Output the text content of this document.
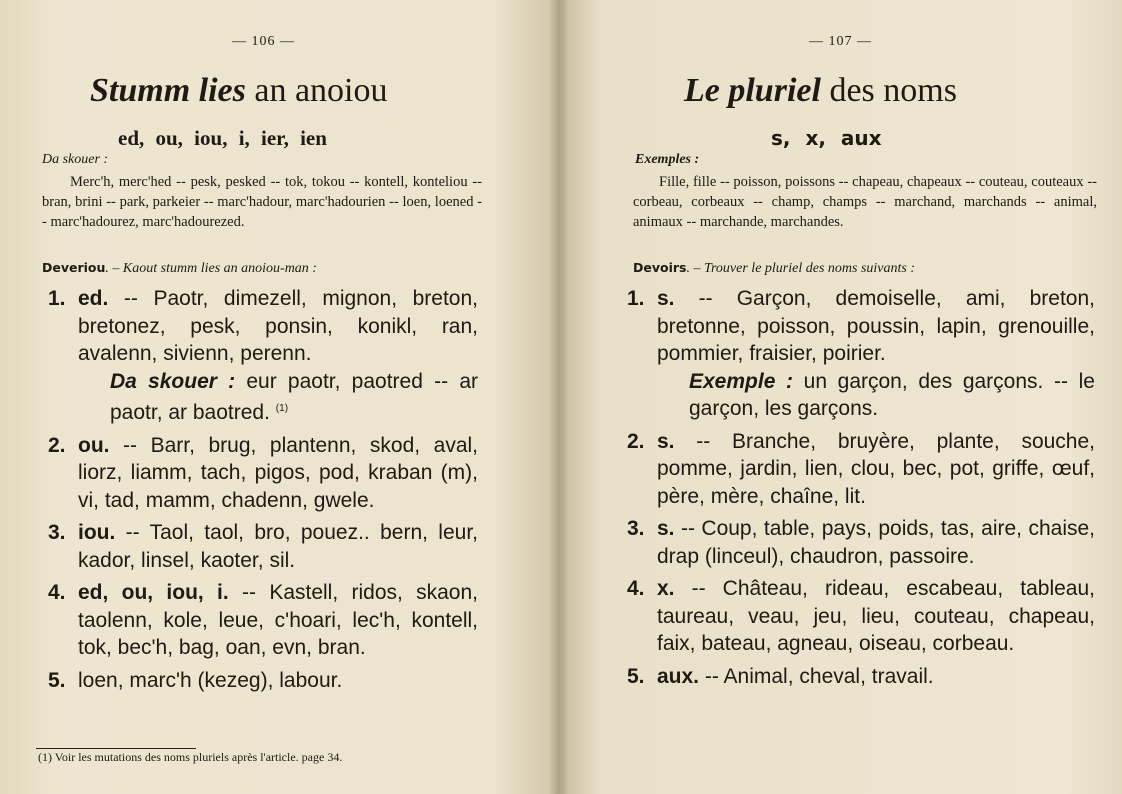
— 106 —
Stumm lies an anoiou
ed, ou, iou, i, ier, ien
Da skouer :
Merc'h, merc'hed -- pesk, pesked -- tok, tokou -- kontell, konteliou -- bran, brini -- park, parkeier -- marc'hadour, marc'hadourien -- loen, loened -- marc'hadourez, marc'hadourezed.
Deveriou. – Kaout stumm lies an anoiou-man :
1. ed. -- Paotr, dimezell, mignon, breton, bretonez, pesk, ponsin, konikl, ran, avalenn, sivienn, perenn.
Da skouer : eur paotr, paotred -- ar paotr, ar baotred. $^{(1)}$
2. ou. -- Barr, brug, plantenn, skod, aval, liorz, liamm, tach, pigos, pod, kraban (m), vi, tad, mamm, chadenn, gwele.
3. iou. -- Taol, taol, bro, pouez.. bern, leur, kador, linsel, kaoter, sil.
4. ed, ou, iou, i. -- Kastell, ridos, skaon, taolenn, kole, leue, c'hoari, lec'h, kontell, tok, bec'h, bag, oan, evn, bran.
5. loen, marc'h (kezeg), labour.
(1) Voir les mutations des noms pluriels après l'article. page 34.
— 107 —
Le pluriel des noms
s, x, aux
Exemples :
Fille, fille -- poisson, poissons -- chapeau, chapeaux -- couteau, couteaux -- corbeau, corbeaux -- champ, champs -- marchand, marchands -- animal, animaux -- marchande, marchandes.
Devoirs. – Trouver le pluriel des noms suivants :
1. s. -- Garçon, demoiselle, ami, breton, bretonne, poisson, poussin, lapin, grenouille, pommier, fraisier, poirier.
Exemple : un garçon, des garçons. -- le garçon, les garçons.
2. s. -- Branche, bruyère, plante, souche, pomme, jardin, lien, clou, bec, pot, griffe, œuf, père, mère, chaîne, lit.
3. s. -- Coup, table, pays, poids, tas, aire, chaise, drap (linceul), chaudron, passoire.
4. x. -- Château, rideau, escabeau, tableau, taureau, veau, jeu, lieu, couteau, chapeau, faix, bateau, agneau, oiseau, corbeau.
5. aux. -- Animal, cheval, travail.
